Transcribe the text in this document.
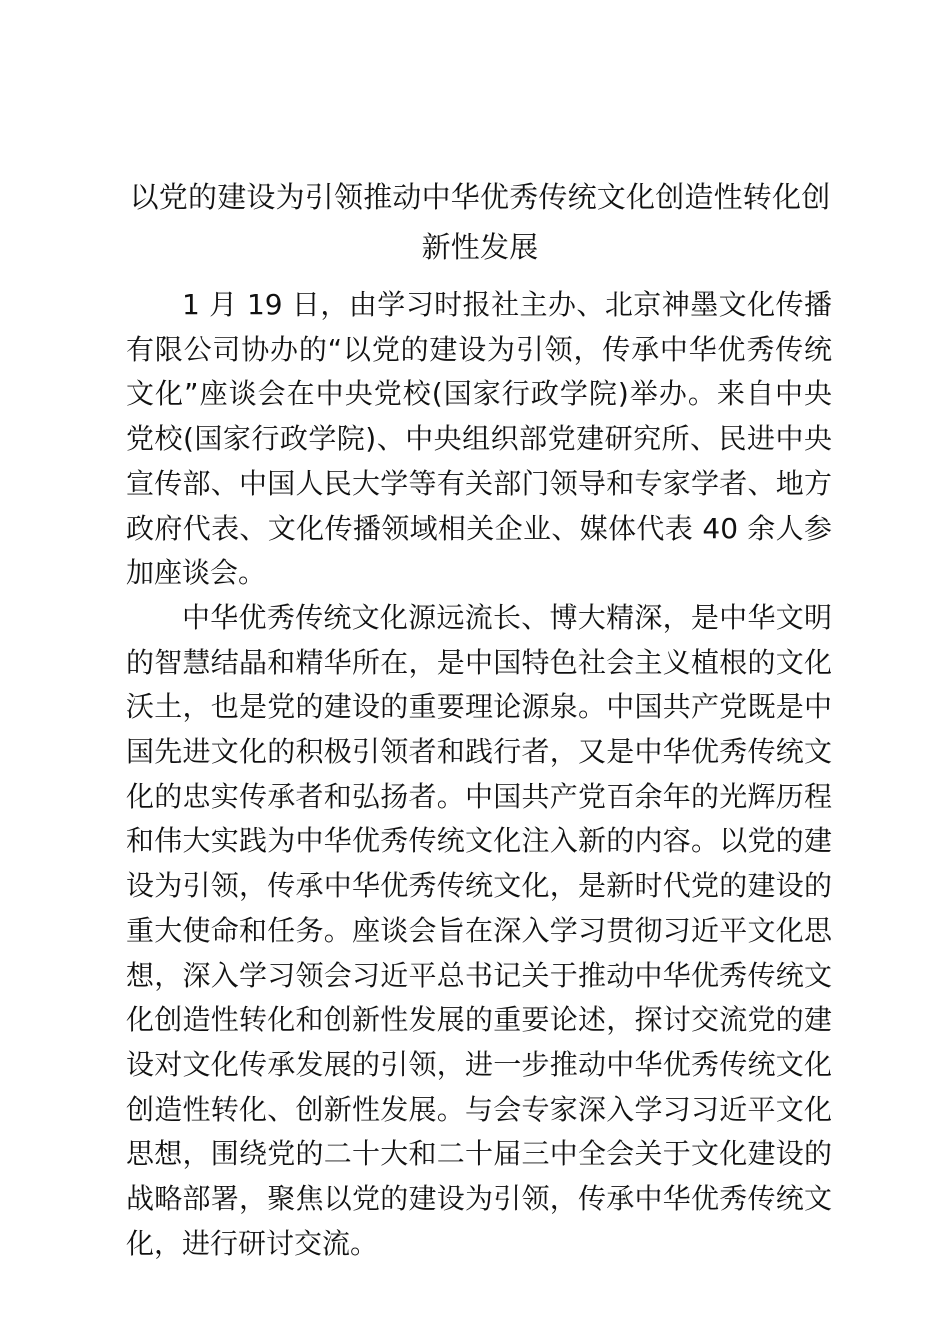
以党的建设为引领推动中华优秀传统文化创造性转化创新性发展

1 月 19 日，由学习时报社主办、北京神墨文化传播有限公司协办的“以党的建设为引领，传承中华优秀传统文化”座谈会在中央党校(国家行政学院)举办。来自中央党校(国家行政学院)、中央组织部党建研究所、民进中央宣传部、中国人民大学等有关部门领导和专家学者、地方政府代表、文化传播领域相关企业、媒体代表 40 余人参加座谈会。

中华优秀传统文化源远流长、博大精深，是中华文明的智慧结晶和精华所在，是中国特色社会主义植根的文化沃土，也是党的建设的重要理论源泉。中国共产党既是中国先进文化的积极引领者和践行者，又是中华优秀传统文化的忠实传承者和弘扬者。中国共产党百余年的光辉历程和伟大实践为中华优秀传统文化注入新的内容。以党的建设为引领，传承中华优秀传统文化，是新时代党的建设的重大使命和任务。座谈会旨在深入学习贯彻习近平文化思想，深入学习领会习近平总书记关于推动中华优秀传统文化创造性转化和创新性发展的重要论述，探讨交流党的建设对文化传承发展的引领，进一步推动中华优秀传统文化创造性转化、创新性发展。与会专家深入学习习近平文化思想，围绕党的二十大和二十届三中全会关于文化建设的战略部署，聚焦以党的建设为引领，传承中华优秀传统文化，进行研讨交流。
